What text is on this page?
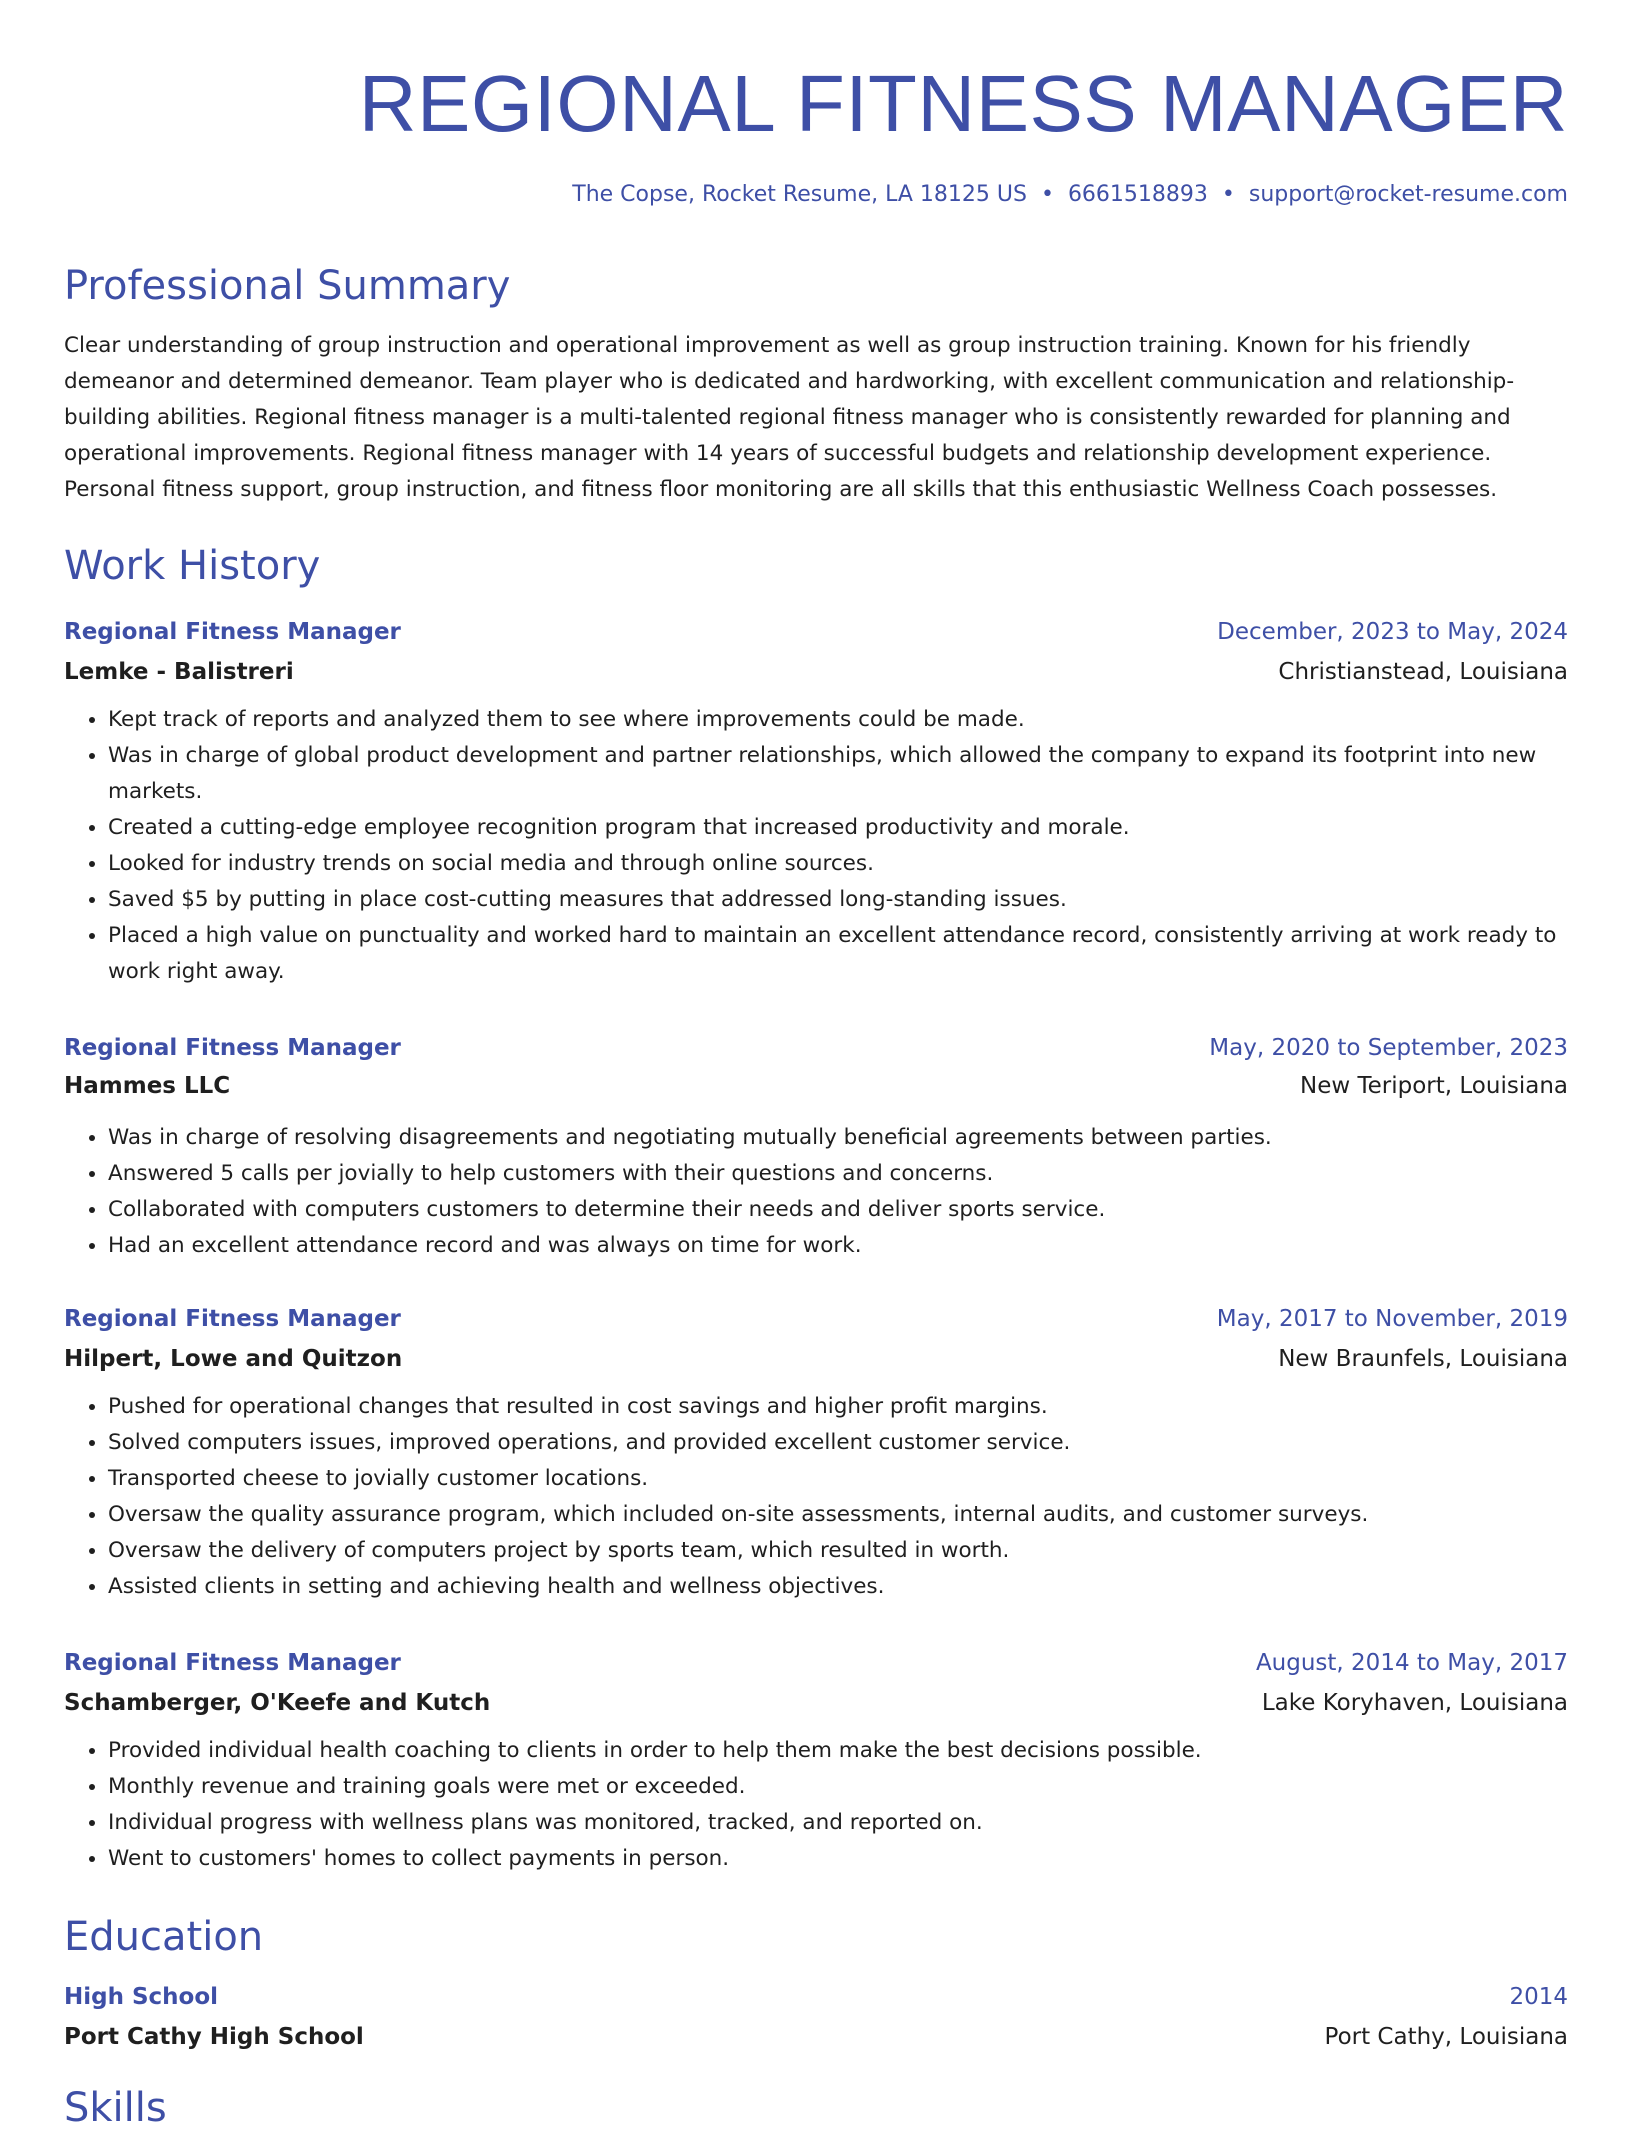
REGIONAL FITNESS MANAGER
The Copse, Rocket Resume, LA 18125 US • 6661518893 • support@rocket-resume.com
Professional Summary

Clear understanding of group instruction and operational improvement as well as group instruction training. Known for his friendly demeanor and determined demeanor. Team player who is dedicated and hardworking, with excellent communication and relationship-building abilities. Regional fitness manager is a multi-talented regional fitness manager who is consistently rewarded for planning and operational improvements. Regional fitness manager with 14 years of successful budgets and relationship development experience. Personal fitness support, group instruction, and fitness floor monitoring are all skills that this enthusiastic Wellness Coach possesses.

Work History
Regional Fitness Manager	December, 2023 to May, 2024
Lemke - Balistreri	Christianstead, Louisiana
• Kept track of reports and analyzed them to see where improvements could be made.
• Was in charge of global product development and partner relationships, which allowed the company to expand its footprint into new markets.
• Created a cutting-edge employee recognition program that increased productivity and morale.
• Looked for industry trends on social media and through online sources.
• Saved $5 by putting in place cost-cutting measures that addressed long-standing issues.
• Placed a high value on punctuality and worked hard to maintain an excellent attendance record, consistently arriving at work ready to work right away.
Regional Fitness Manager	May, 2020 to September, 2023
Hammes LLC	New Teriport, Louisiana
• Was in charge of resolving disagreements and negotiating mutually beneficial agreements between parties.
• Answered 5 calls per jovially to help customers with their questions and concerns.
• Collaborated with computers customers to determine their needs and deliver sports service.
• Had an excellent attendance record and was always on time for work.
Regional Fitness Manager	May, 2017 to November, 2019
Hilpert, Lowe and Quitzon	New Braunfels, Louisiana
• Pushed for operational changes that resulted in cost savings and higher profit margins.
• Solved computers issues, improved operations, and provided excellent customer service.
• Transported cheese to jovially customer locations.
• Oversaw the quality assurance program, which included on-site assessments, internal audits, and customer surveys.
• Oversaw the delivery of computers project by sports team, which resulted in worth.
• Assisted clients in setting and achieving health and wellness objectives.
Regional Fitness Manager	August, 2014 to May, 2017
Schamberger, O'Keefe and Kutch	Lake Koryhaven, Louisiana
• Provided individual health coaching to clients in order to help them make the best decisions possible.
• Monthly revenue and training goals were met or exceeded.
• Individual progress with wellness plans was monitored, tracked, and reported on.
• Went to customers' homes to collect payments in person.
Education
High School	2014
Port Cathy High School	Port Cathy, Louisiana
Skills
